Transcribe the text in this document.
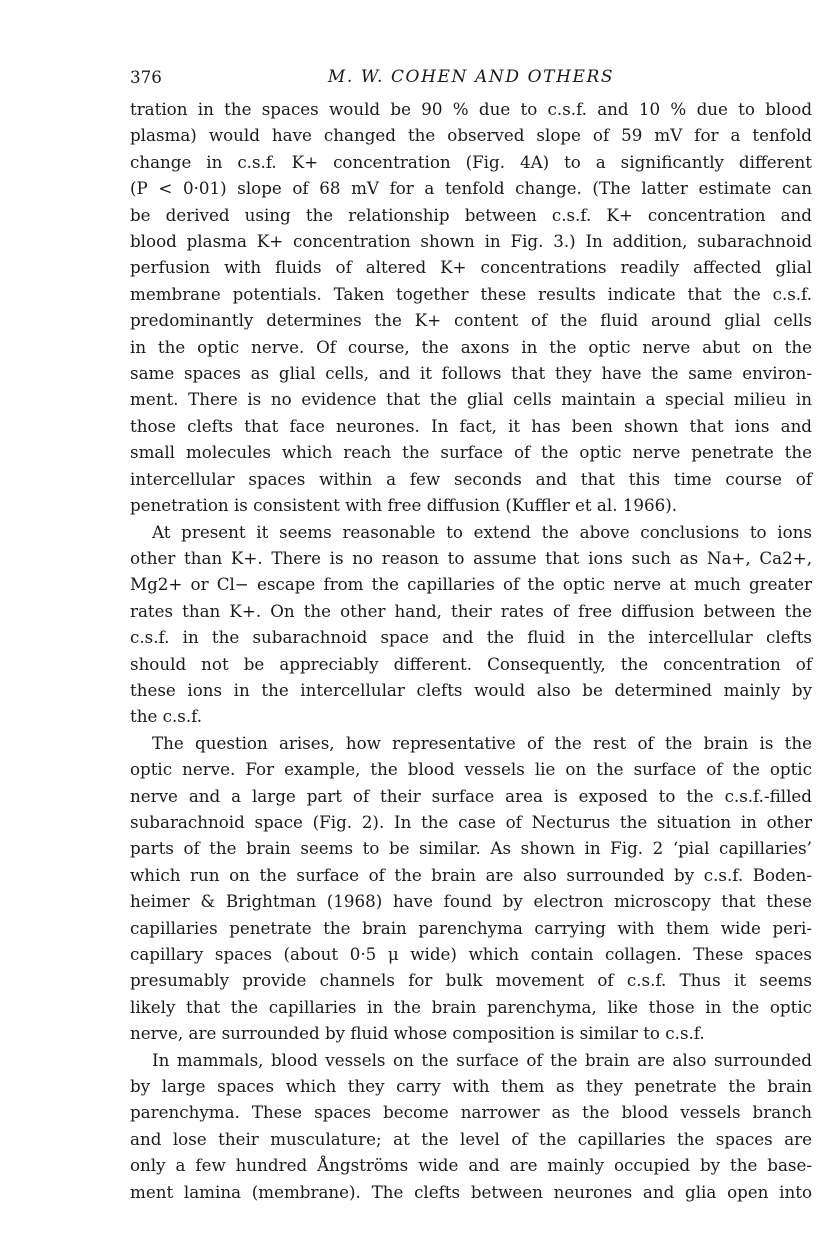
376	M. W. COHEN AND OTHERS
tration in the spaces would be 90 % due to c.s.f. and 10 % due to blood
plasma) would have changed the observed slope of 59 mV for a tenfold
change in c.s.f. K+ concentration (Fig. 4A) to a significantly different
(P < 0·01) slope of 68 mV for a tenfold change. (The latter estimate can
be derived using the relationship between c.s.f. K+ concentration and
blood plasma K+ concentration shown in Fig. 3.) In addition, subarachnoid
perfusion with fluids of altered K+ concentrations readily affected glial
membrane potentials. Taken together these results indicate that the c.s.f.
predominantly determines the K+ content of the fluid around glial cells
in the optic nerve. Of course, the axons in the optic nerve abut on the
same spaces as glial cells, and it follows that they have the same environ-
ment. There is no evidence that the glial cells maintain a special milieu in
those clefts that face neurones. In fact, it has been shown that ions and
small molecules which reach the surface of the optic nerve penetrate the
intercellular spaces within a few seconds and that this time course of
penetration is consistent with free diffusion (Kuffler et al. 1966).
At present it seems reasonable to extend the above conclusions to ions
other than K+. There is no reason to assume that ions such as Na+, Ca2+,
Mg2+ or Cl− escape from the capillaries of the optic nerve at much greater
rates than K+. On the other hand, their rates of free diffusion between the
c.s.f. in the subarachnoid space and the fluid in the intercellular clefts
should not be appreciably different. Consequently, the concentration of
these ions in the intercellular clefts would also be determined mainly by
the c.s.f.
The question arises, how representative of the rest of the brain is the
optic nerve. For example, the blood vessels lie on the surface of the optic
nerve and a large part of their surface area is exposed to the c.s.f.-filled
subarachnoid space (Fig. 2). In the case of Necturus the situation in other
parts of the brain seems to be similar. As shown in Fig. 2 ‘pial capillaries’
which run on the surface of the brain are also surrounded by c.s.f. Boden-
heimer & Brightman (1968) have found by electron microscopy that these
capillaries penetrate the brain parenchyma carrying with them wide peri-
capillary spaces (about 0·5 μ wide) which contain collagen. These spaces
presumably provide channels for bulk movement of c.s.f. Thus it seems
likely that the capillaries in the brain parenchyma, like those in the optic
nerve, are surrounded by fluid whose composition is similar to c.s.f.
In mammals, blood vessels on the surface of the brain are also surrounded
by large spaces which they carry with them as they penetrate the brain
parenchyma. These spaces become narrower as the blood vessels branch
and lose their musculature; at the level of the capillaries the spaces are
only a few hundred Ångströms wide and are mainly occupied by the base-
ment lamina (membrane). The clefts between neurones and glia open into
